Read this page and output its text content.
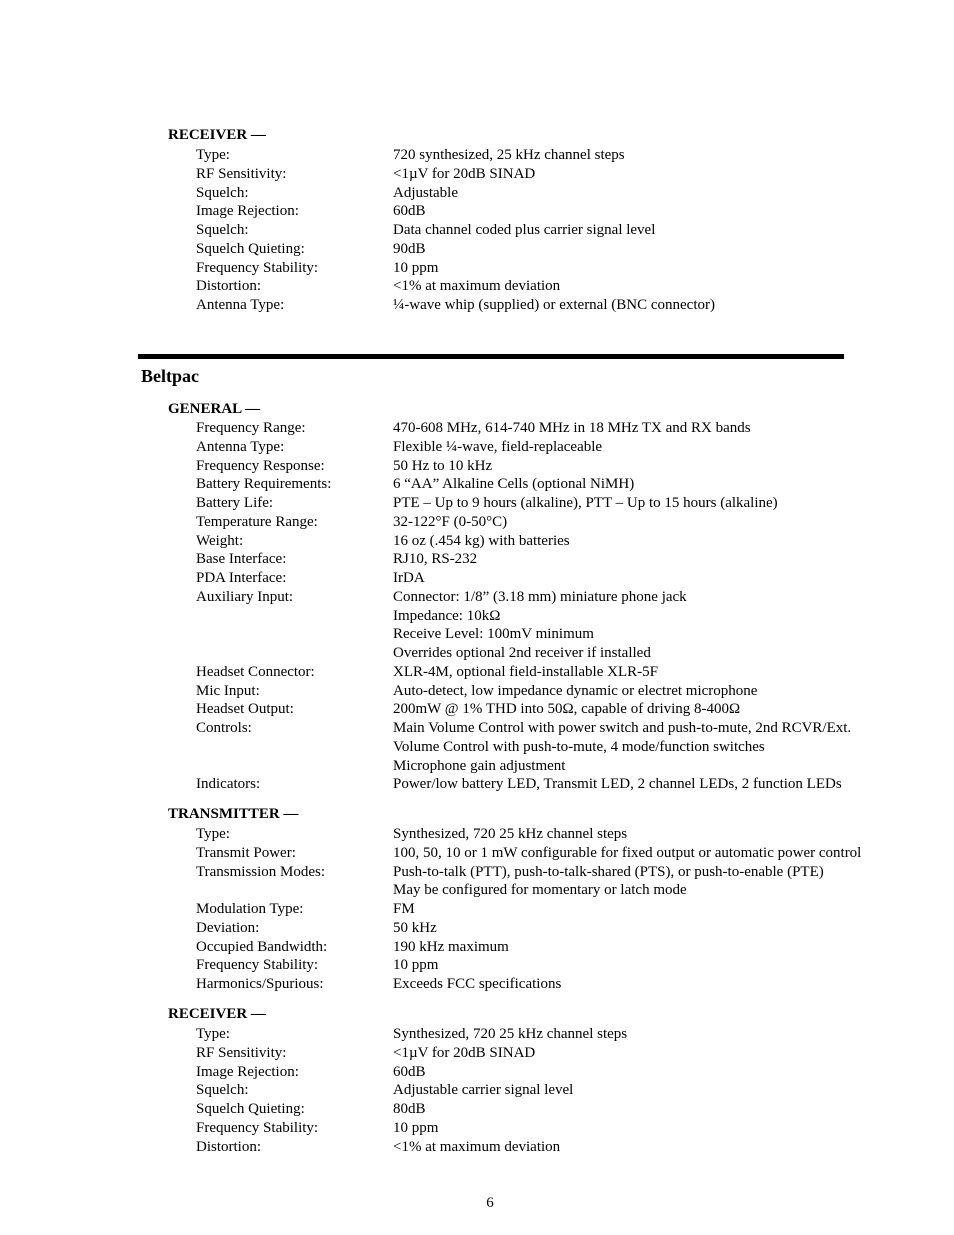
RECEIVER —
Type:	720 synthesized, 25 kHz channel steps
RF Sensitivity:	<1µV for 20dB SINAD
Squelch:	Adjustable
Image Rejection:	60dB
Squelch:	Data channel coded plus carrier signal level
Squelch Quieting:	90dB
Frequency Stability:	10 ppm
Distortion:	<1% at maximum deviation
Antenna Type:	¼-wave whip (supplied) or external (BNC connector)
Beltpac
GENERAL —
Frequency Range:	470-608 MHz, 614-740 MHz in 18 MHz TX and RX bands
Antenna Type:	Flexible ¼-wave, field-replaceable
Frequency Response:	50 Hz to 10 kHz
Battery Requirements:	6 “AA” Alkaline Cells (optional NiMH)
Battery Life:	PTE – Up to 9 hours (alkaline), PTT – Up to 15 hours (alkaline)
Temperature Range:	32-122°F (0-50°C)
Weight:	16 oz (.454 kg) with batteries
Base Interface:	RJ10, RS-232
PDA Interface:	IrDA
Auxiliary Input:	Connector: 1/8” (3.18 mm) miniature phone jack
Impedance: 10kΩ
Receive Level: 100mV minimum
Overrides optional 2nd receiver if installed
Headset Connector:	XLR-4M, optional field-installable XLR-5F
Mic Input:	Auto-detect, low impedance dynamic or electret microphone
Headset Output:	200mW @ 1% THD into 50Ω, capable of driving 8-400Ω
Controls:	Main Volume Control with power switch and push-to-mute, 2nd RCVR/Ext.
Volume Control with push-to-mute, 4 mode/function switches
Microphone gain adjustment
Indicators:	Power/low battery LED, Transmit LED, 2 channel LEDs, 2 function LEDs
TRANSMITTER —
Type:	Synthesized, 720 25 kHz channel steps
Transmit Power:	100, 50, 10 or 1 mW configurable for fixed output or automatic power control
Transmission Modes:	Push-to-talk (PTT), push-to-talk-shared (PTS), or push-to-enable (PTE)
May be configured for momentary or latch mode
Modulation Type:	FM
Deviation:	50 kHz
Occupied Bandwidth:	190 kHz maximum
Frequency Stability:	10 ppm
Harmonics/Spurious:	Exceeds FCC specifications
RECEIVER —
Type:	Synthesized, 720 25 kHz channel steps
RF Sensitivity:	<1µV for 20dB SINAD
Image Rejection:	60dB
Squelch:	Adjustable carrier signal level
Squelch Quieting:	80dB
Frequency Stability:	10 ppm
Distortion:	<1% at maximum deviation
6
